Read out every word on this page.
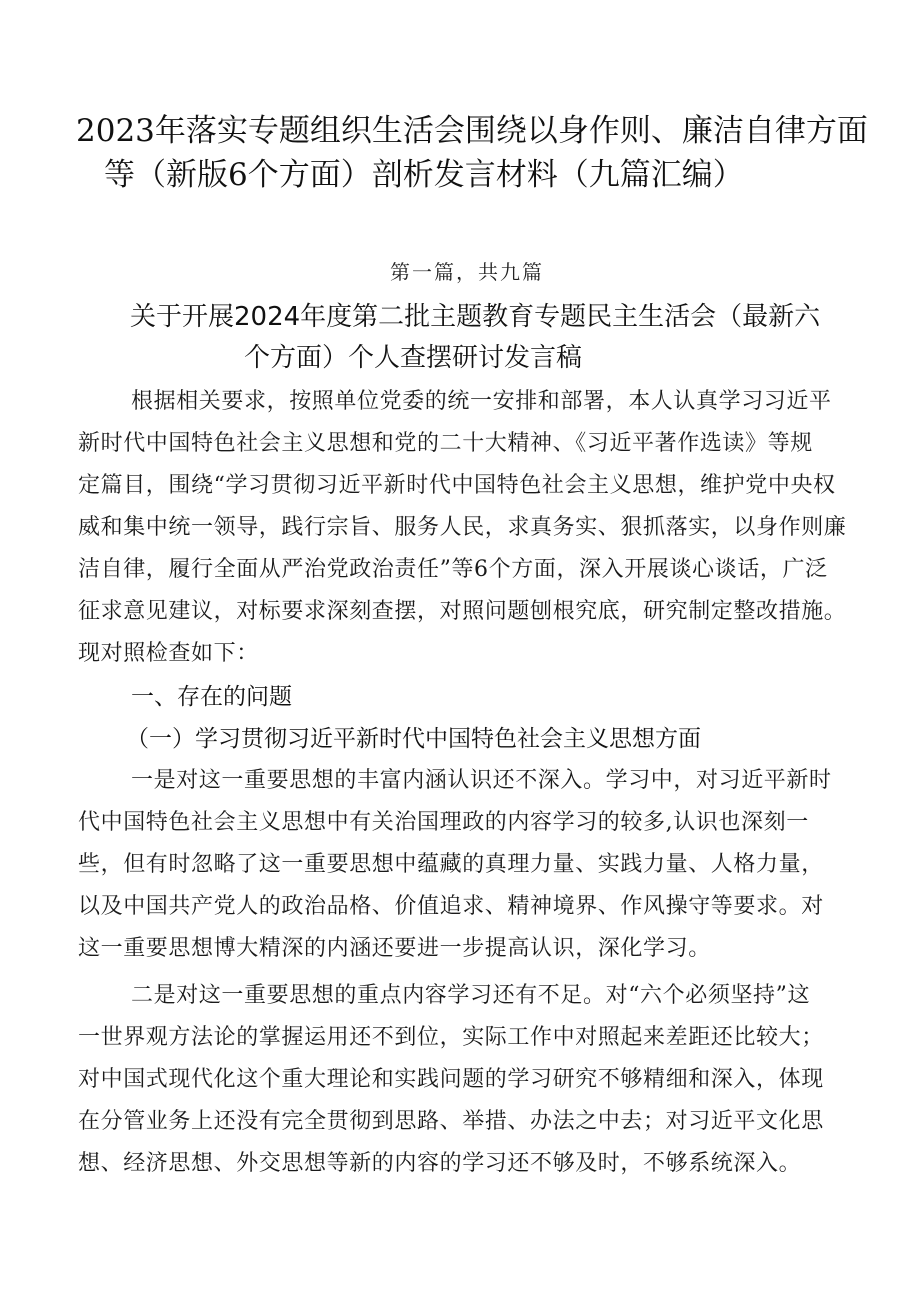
2023年落实专题组织生活会围绕以身作则、廉洁自律方面
等（新版6个方面）剖析发言材料（九篇汇编）
第一篇，共九篇
关于开展2024年度第二批主题教育专题民主生活会（最新六
个方面）个人查摆研讨发言稿
根据相关要求，按照单位党委的统一安排和部署，本人认真学习习近平
新时代中国特色社会主义思想和党的二十大精神、《习近平著作选读》等规
定篇目，围绕“学习贯彻习近平新时代中国特色社会主义思想，维护党中央权
威和集中统一领导，践行宗旨、服务人民，求真务实、狠抓落实，以身作则廉
洁自律，履行全面从严治党政治责任”等6个方面，深入开展谈心谈话，广泛
征求意见建议，对标要求深刻查摆，对照问题刨根究底，研究制定整改措施。
现对照检查如下：
一、存在的问题
（一）学习贯彻习近平新时代中国特色社会主义思想方面
一是对这一重要思想的丰富内涵认识还不深入。学习中，对习近平新时
代中国特色社会主义思想中有关治国理政的内容学习的较多,认识也深刻一
些，但有时忽略了这一重要思想中蕴藏的真理力量、实践力量、人格力量，
以及中国共产党人的政治品格、价值追求、精神境界、作风操守等要求。对
这一重要思想博大精深的内涵还要进一步提高认识，深化学习。
二是对这一重要思想的重点内容学习还有不足。对“六个必须坚持”这
一世界观方法论的掌握运用还不到位，实际工作中对照起来差距还比较大；
对中国式现代化这个重大理论和实践问题的学习研究不够精细和深入，体现
在分管业务上还没有完全贯彻到思路、举措、办法之中去；对习近平文化思
想、经济思想、外交思想等新的内容的学习还不够及时，不够系统深入。
